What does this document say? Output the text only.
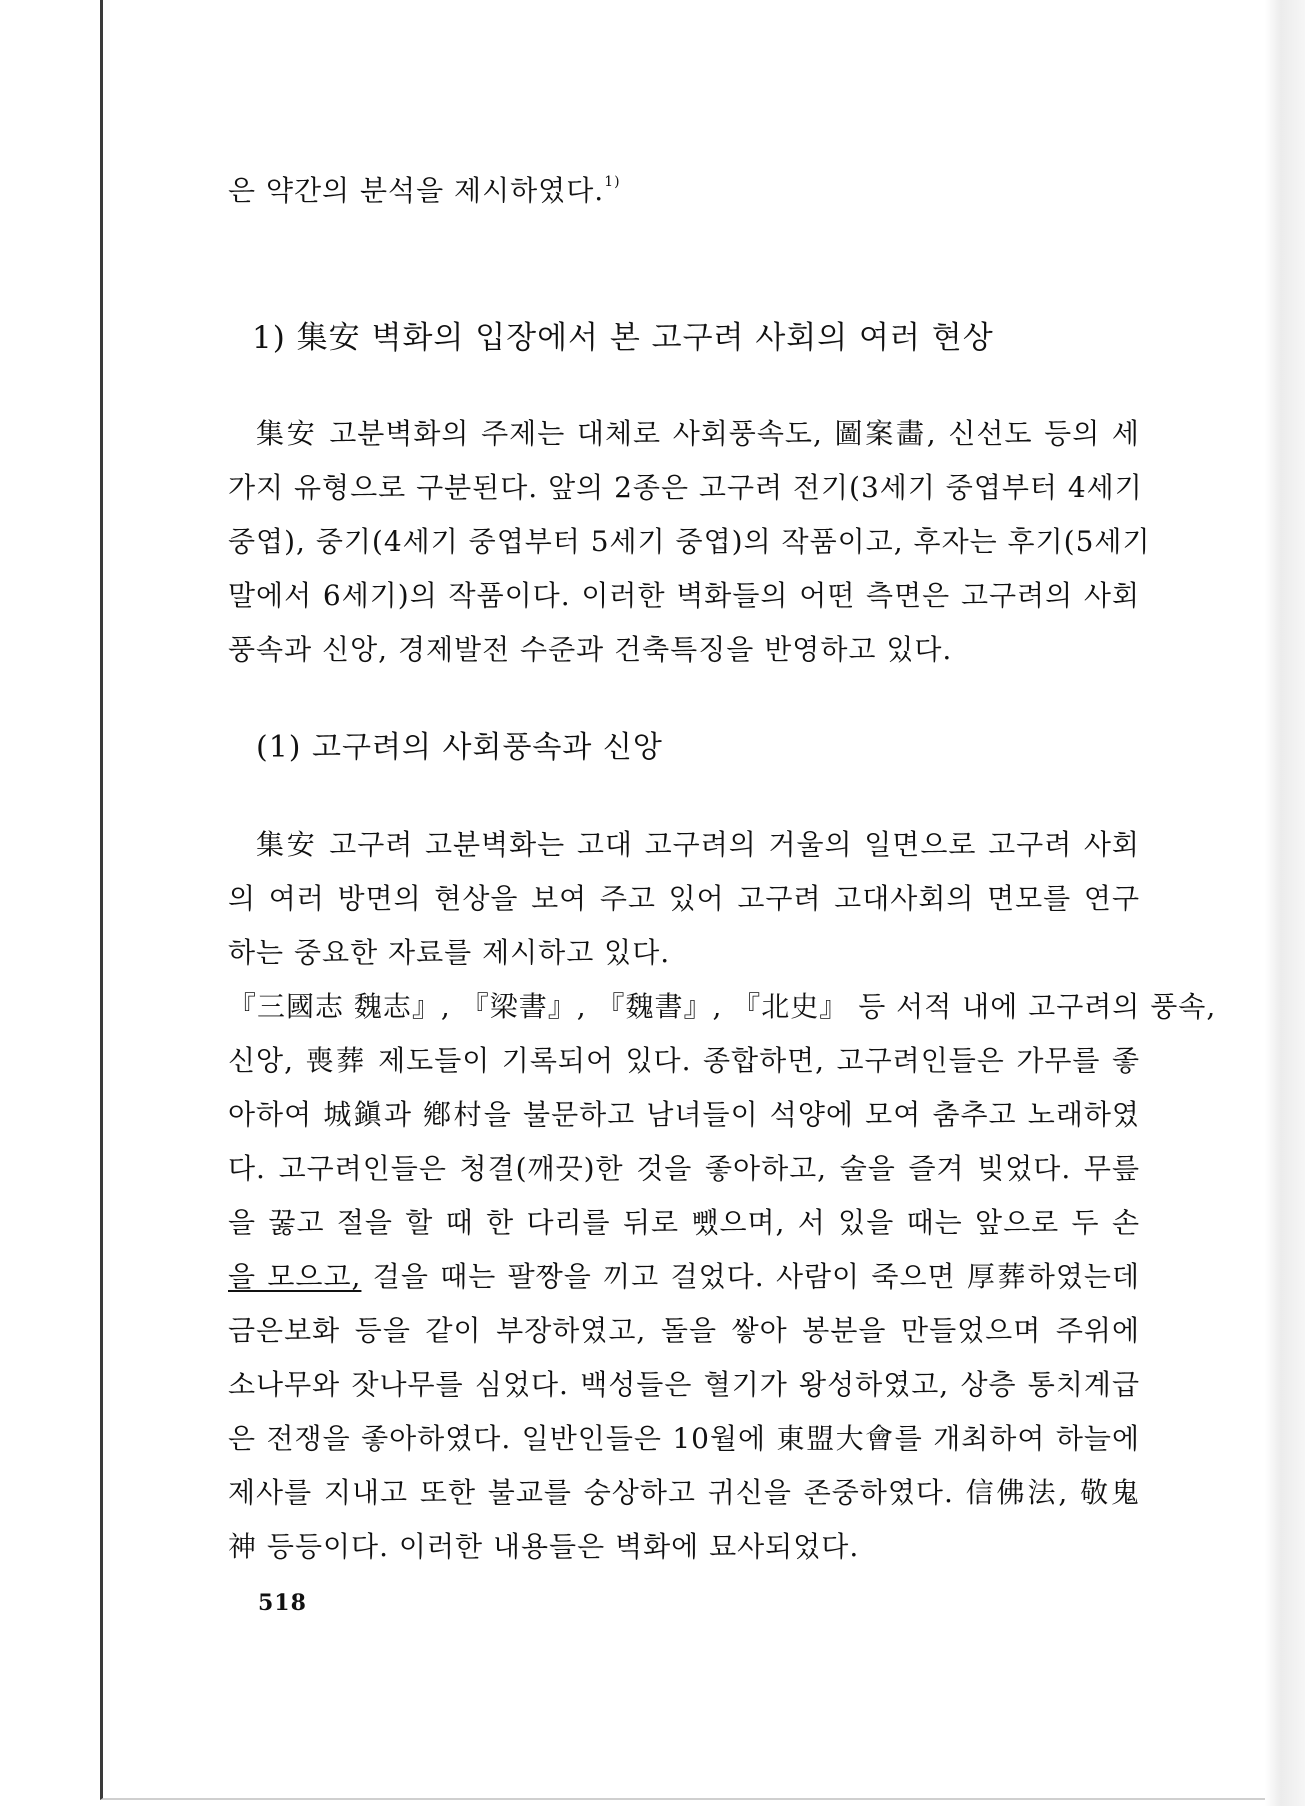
은 약간의 분석을 제시하였다.$^{1)}$
1) 集安 벽화의 입장에서 본 고구려 사회의 여러 현상
集安 고분벽화의 주제는 대체로 사회풍속도, 圖案畵, 신선도 등의 세
가지 유형으로 구분된다. 앞의 2종은 고구려 전기(3세기 중엽부터 4세기
중엽), 중기(4세기 중엽부터 5세기 중엽)의 작품이고, 후자는 후기(5세기
말에서 6세기)의 작품이다. 이러한 벽화들의 어떤 측면은 고구려의 사회
풍속과 신앙, 경제발전 수준과 건축특징을 반영하고 있다.
(1) 고구려의 사회풍속과 신앙
集安 고구려 고분벽화는 고대 고구려의 거울의 일면으로 고구려 사회
의 여러 방면의 현상을 보여 주고 있어 고구려 고대사회의 면모를 연구
하는 중요한 자료를 제시하고 있다.
『三國志 魏志』, 『梁書』, 『魏書』, 『北史』 등 서적 내에 고구려의 풍속,
신앙, 喪葬 제도들이 기록되어 있다. 종합하면, 고구려인들은 가무를 좋
아하여 城鎭과 鄕村을 불문하고 남녀들이 석양에 모여 춤추고 노래하였
다. 고구려인들은 청결(깨끗)한 것을 좋아하고, 술을 즐겨 빚었다. 무릎
을 꿇고 절을 할 때 한 다리를 뒤로 뺐으며, 서 있을 때는 앞으로 두 손
을 모으고, 걸을 때는 팔짱을 끼고 걸었다. 사람이 죽으면 厚葬하였는데
금은보화 등을 같이 부장하였고, 돌을 쌓아 봉분을 만들었으며 주위에
소나무와 잣나무를 심었다. 백성들은 혈기가 왕성하였고, 상층 통치계급
은 전쟁을 좋아하였다. 일반인들은 10월에 東盟大會를 개최하여 하늘에
제사를 지내고 또한 불교를 숭상하고 귀신을 존중하였다. 信佛法, 敬鬼
神 등등이다. 이러한 내용들은 벽화에 묘사되었다.
518
